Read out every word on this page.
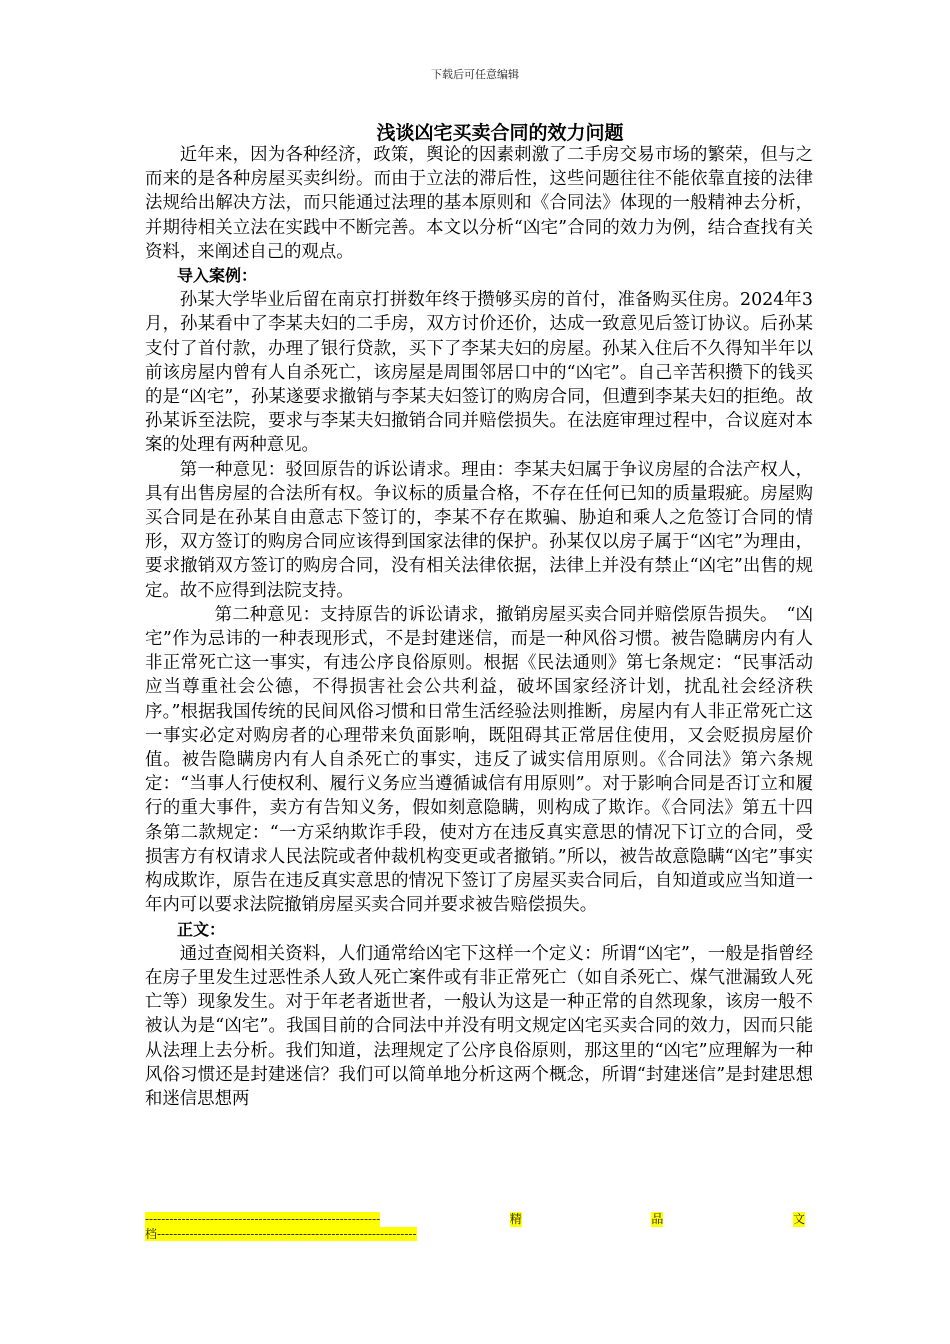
下载后可任意编辑
浅谈凶宅买卖合同的效力问题

近年来，因为各种经济，政策，舆论的因素刺激了二手房交易市场的繁荣，但与之而来的是各种房屋买卖纠纷。而由于立法的滞后性，这些问题往往不能依靠直接的法律法规给出解决方法，而只能通过法理的基本原则和《合同法》体现的一般精神去分析，并期待相关立法在实践中不断完善。本文以分析“凶宅”合同的效力为例，结合查找有关资料，来阐述自己的观点。

导入案例：

孙某大学毕业后留在南京打拼数年终于攒够买房的首付，准备购买住房。2024年3月，孙某看中了李某夫妇的二手房，双方讨价还价，达成一致意见后签订协议。后孙某支付了首付款，办理了银行贷款，买下了李某夫妇的房屋。孙某入住后不久得知半年以前该房屋内曾有人自杀死亡，该房屋是周围邻居口中的“凶宅”。自己辛苦积攒下的钱买的是“凶宅”，孙某遂要求撤销与李某夫妇签订的购房合同，但遭到李某夫妇的拒绝。故孙某诉至法院，要求与李某夫妇撤销合同并赔偿损失。在法庭审理过程中，合议庭对本案的处理有两种意见。

第一种意见：驳回原告的诉讼请求。理由：李某夫妇属于争议房屋的合法产权人，具有出售房屋的合法所有权。争议标的质量合格，不存在任何已知的质量瑕疵。房屋购买合同是在孙某自由意志下签订的，李某不存在欺骗、胁迫和乘人之危签订合同的情形，双方签订的购房合同应该得到国家法律的保护。孙某仅以房子属于“凶宅”为理由，要求撤销双方签订的购房合同，没有相关法律依据，法律上并没有禁止“凶宅”出售的规定。故不应得到法院支持。

第二种意见：支持原告的诉讼请求，撤销房屋买卖合同并赔偿原告损失。　“凶宅”作为忌讳的一种表现形式，不是封建迷信，而是一种风俗习惯。被告隐瞒房内有人非正常死亡这一事实，有违公序良俗原则。根据《民法通则》第七条规定：“民事活动应当尊重社会公德，不得损害社会公共利益，破坏国家经济计划，扰乱社会经济秩序。”根据我国传统的民间风俗习惯和日常生活经验法则推断，房屋内有人非正常死亡这一事实必定对购房者的心理带来负面影响，既阻碍其正常居住使用，又会贬损房屋价值。被告隐瞒房内有人自杀死亡的事实，违反了诚实信用原则。《合同法》第六条规定：“当事人行使权利、履行义务应当遵循诚信有用原则”。对于影响合同是否订立和履行的重大事件，卖方有告知义务，假如刻意隐瞒，则构成了欺诈。《合同法》第五十四条第二款规定：“一方采纳欺诈手段，使对方在违反真实意思的情况下订立的合同，受损害方有权请求人民法院或者仲裁机构变更或者撤销。”所以，被告故意隐瞒“凶宅”事实构成欺诈，原告在违反真实意思的情况下签订了房屋买卖合同后，自知道或应当知道一年内可以要求法院撤销房屋买卖合同并要求被告赔偿损失。

正文：

通过查阅相关资料，人们通常给凶宅下这样一个定义：所谓“凶宅”，一般是指曾经在房子里发生过恶性杀人致人死亡案件或有非正常死亡（如自杀死亡、煤气泄漏致人死亡等）现象发生。对于年老者逝世者，一般认为这是一种正常的自然现象，该房一般不被认为是“凶宅”。我国目前的合同法中并没有明文规定凶宅买卖合同的效力，因而只能从法理上去分析。我们知道，法理规定了公序良俗原则，那这里的“凶宅”应理解为一种风俗习惯还是封建迷信？我们可以简单地分析这两个概念，所谓“封建迷信”是封建思想和迷信思想两

----------------------------------------------------------	精	品	文
档----------------------------------------------------------------
